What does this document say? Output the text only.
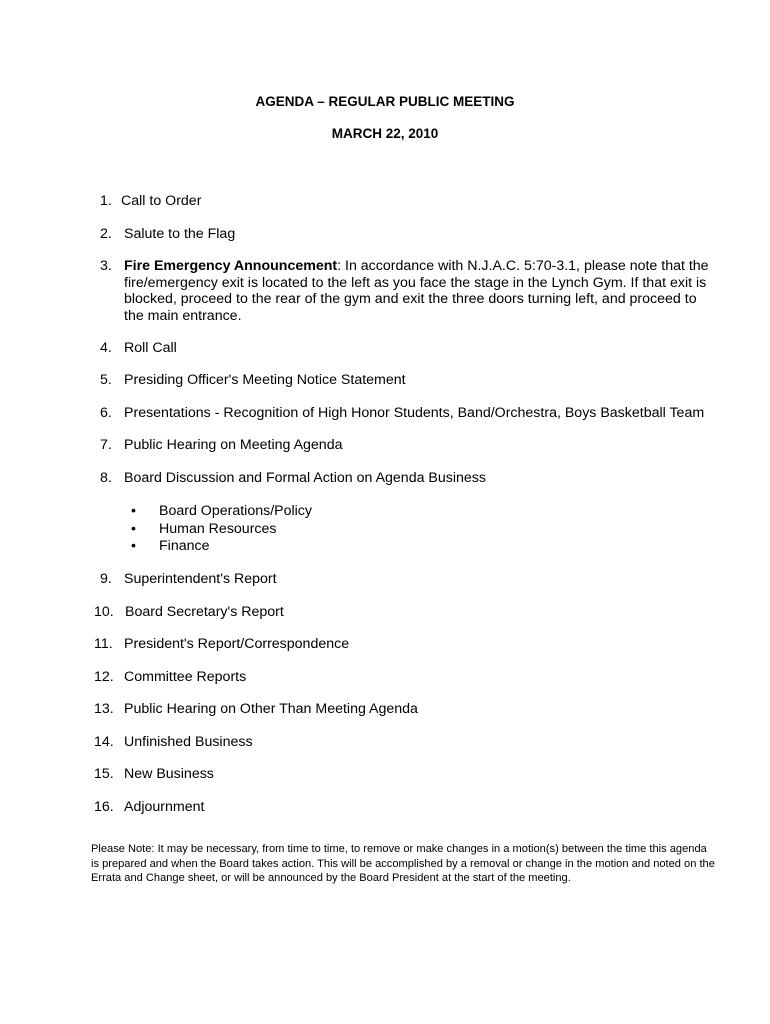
AGENDA – REGULAR PUBLIC MEETING
MARCH 22, 2010
1. Call to Order
2. Salute to the Flag
3. Fire Emergency Announcement: In accordance with N.J.A.C. 5:70-3.1, please note that the fire/emergency exit is located to the left as you face the stage in the Lynch Gym. If that exit is blocked, proceed to the rear of the gym and exit the three doors turning left, and proceed to the main entrance.
4. Roll Call
5. Presiding Officer's Meeting Notice Statement
6. Presentations - Recognition of High Honor Students, Band/Orchestra, Boys Basketball Team
7. Public Hearing on Meeting Agenda
8. Board Discussion and Formal Action on Agenda Business
• Board Operations/Policy
• Human Resources
• Finance
9. Superintendent's Report
10. Board Secretary's Report
11. President's Report/Correspondence
12. Committee Reports
13. Public Hearing on Other Than Meeting Agenda
14. Unfinished Business
15. New Business
16. Adjournment

Please Note: It may be necessary, from time to time, to remove or make changes in a motion(s) between the time this agenda is prepared and when the Board takes action. This will be accomplished by a removal or change in the motion and noted on the Errata and Change sheet, or will be announced by the Board President at the start of the meeting.
